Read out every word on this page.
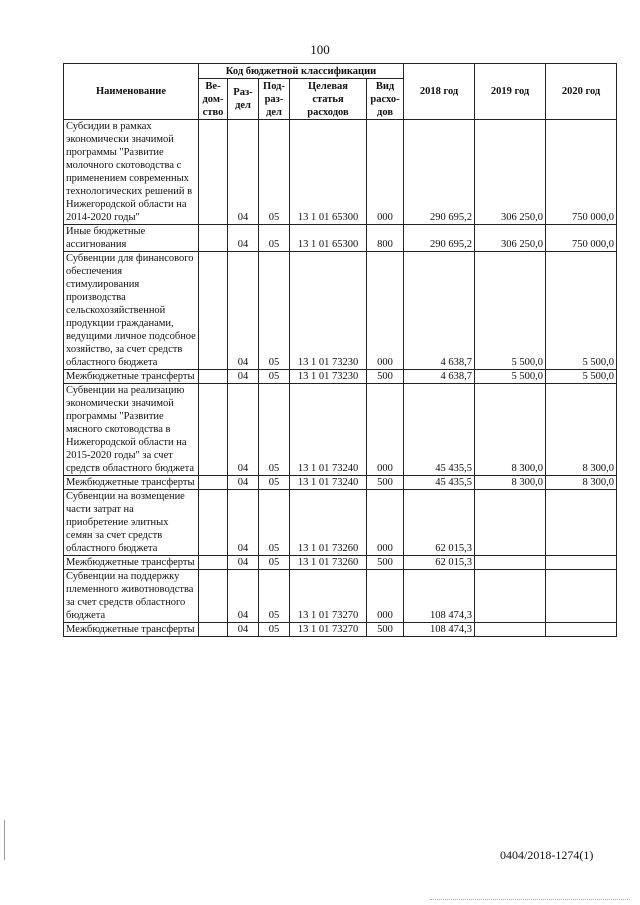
100
Наименование	Код бюджетной классификации					2018 год	2019 год	2020 год
	Ве-дом-ство	Раз-дел	Под-раз-дел	Целевая статья расходов	Вид расхо-дов			
Субсидии в рамках экономически значимой программы "Развитие молочного скотоводства с применением современных технологических решений в Нижегородской области на 2014-2020 годы"		04	05	13 1 01 65300	000	290 695,2	306 250,0	750 000,0
Иные бюджетные ассигнования		04	05	13 1 01 65300	800	290 695,2	306 250,0	750 000,0
Субвенции для финансового обеспечения стимулирования производства сельскохозяйственной продукции гражданами, ведущими личное подсобное хозяйство, за счет средств областного бюджета		04	05	13 1 01 73230	000	4 638,7	5 500,0	5 500,0
Межбюджетные трансферты		04	05	13 1 01 73230	500	4 638,7	5 500,0	5 500,0
Субвенции на реализацию экономически значимой программы "Развитие мясного скотоводства в Нижегородской области на 2015-2020 годы" за счет средств областного бюджета		04	05	13 1 01 73240	000	45 435,5	8 300,0	8 300,0
Межбюджетные трансферты		04	05	13 1 01 73240	500	45 435,5	8 300,0	8 300,0
Субвенции на возмещение части затрат на приобретение элитных семян за счет средств областного бюджета		04	05	13 1 01 73260	000	62 015,3		
Межбюджетные трансферты		04	05	13 1 01 73260	500	62 015,3		
Субвенции на поддержку племенного животноводства за счет средств областного бюджета		04	05	13 1 01 73270	000	108 474,3		
Межбюджетные трансферты		04	05	13 1 01 73270	500	108 474,3		
0404/2018-1274(1)
